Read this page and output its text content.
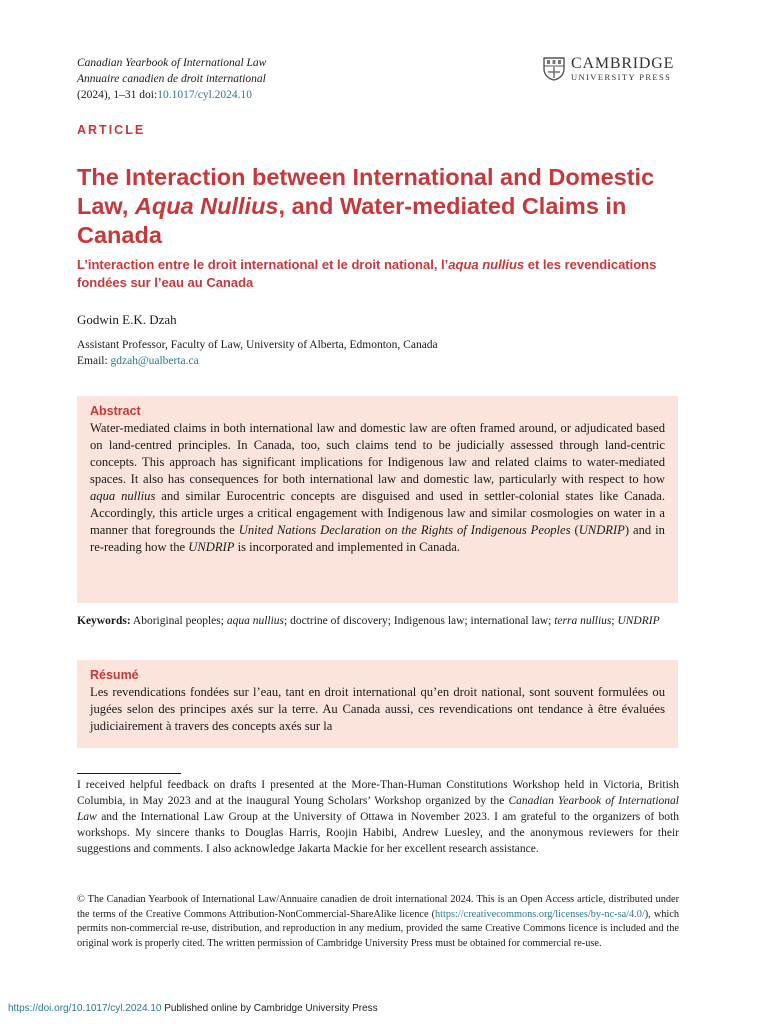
Canadian Yearbook of International Law
Annuaire canadien de droit international
(2024), 1–31 doi:10.1017/cyl.2024.10
CAMBRIDGE
UNIVERSITY PRESS
ARTICLE
The Interaction between International and Domestic Law, Aqua Nullius, and Water-mediated Claims in Canada
L’interaction entre le droit international et le droit national, l’aqua nullius et les revendications fondées sur l’eau au Canada
Godwin E.K. Dzah
Assistant Professor, Faculty of Law, University of Alberta, Edmonton, Canada
Email: gdzah@ualberta.ca
Abstract

Water-mediated claims in both international law and domestic law are often framed around, or adjudicated based on land-centred principles. In Canada, too, such claims tend to be judicially assessed through land-centric concepts. This approach has significant implications for Indigenous law and related claims to water-mediated spaces. It also has consequences for both international law and domestic law, particularly with respect to how aqua nullius and similar Eurocentric concepts are disguised and used in settler-colonial states like Canada. Accordingly, this article urges a critical engagement with Indigenous law and similar cosmologies on water in a manner that foregrounds the United Nations Declaration on the Rights of Indigenous Peoples (UNDRIP) and in re-reading how the UNDRIP is incorporated and implemented in Canada.

Keywords: Aboriginal peoples; aqua nullius; doctrine of discovery; Indigenous law; international law; terra nullius; UNDRIP
Résumé

Les revendications fondées sur l’eau, tant en droit international qu’en droit national, sont souvent formulées ou jugées selon des principes axés sur la terre. Au Canada aussi, ces revendications ont tendance à être évaluées judiciairement à travers des concepts axés sur la

I received helpful feedback on drafts I presented at the More-Than-Human Constitutions Workshop held in Victoria, British Columbia, in May 2023 and at the inaugural Young Scholars’ Workshop organized by the Canadian Yearbook of International Law and the International Law Group at the University of Ottawa in November 2023. I am grateful to the organizers of both workshops. My sincere thanks to Douglas Harris, Roojin Habibi, Andrew Luesley, and the anonymous reviewers for their suggestions and comments. I also acknowledge Jakarta Mackie for her excellent research assistance.

© The Canadian Yearbook of International Law/Annuaire canadien de droit international 2024. This is an Open Access article, distributed under the terms of the Creative Commons Attribution-NonCommercial-ShareAlike licence (https://creativecommons.org/licenses/by-nc-sa/4.0/), which permits non-commercial re-use, distribution, and reproduction in any medium, provided the same Creative Commons licence is included and the original work is properly cited. The written permission of Cambridge University Press must be obtained for commercial re-use.

https://doi.org/10.1017/cyl.2024.10 Published online by Cambridge University Press
